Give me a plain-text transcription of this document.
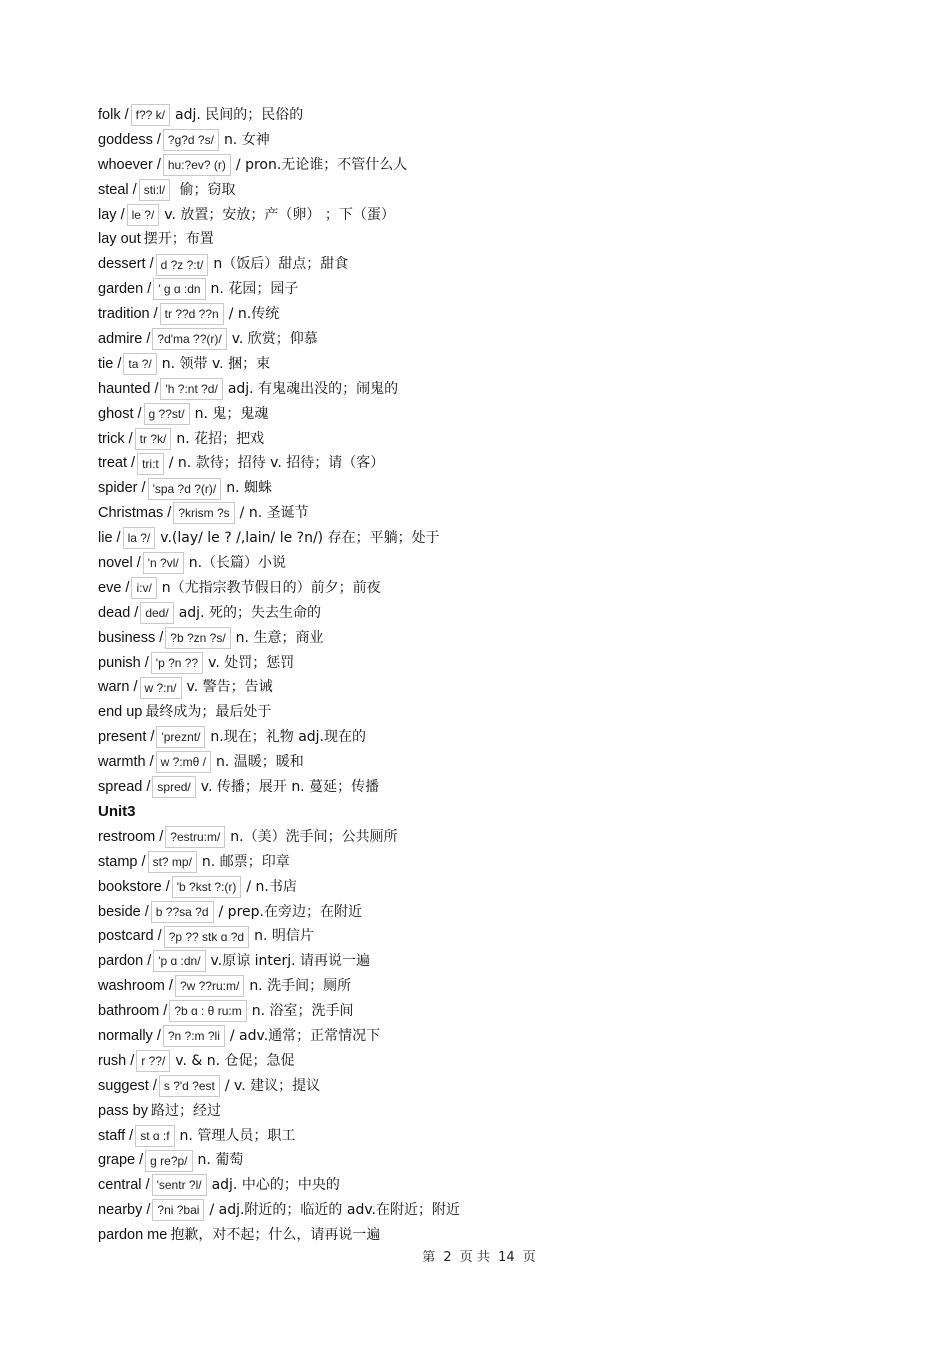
folk / f?? k/ adj. 民间的；民俗的
goddess / ?g?d ?s/ n. 女神
whoever / hu:?ev? (r) / pron.无论谁；不管什么人
steal / sti:l/ 偷；窃取
lay / le ?/ v. 放置；安放；产（卵） ；下（蛋）
lay out 摆开；布置
dessert / d ?z ?:t/ n（饭后）甜点；甜食
garden / ' g ɑ :dn n. 花园；园子
tradition / tr ??d ??n / n.传统
admire / ?d'ma ??(r)/ v. 欣赏；仰慕
tie / ta ?/ n. 领带 v. 捆；束
haunted / 'h ?:nt ?d/ adj. 有鬼魂出没的；闹鬼的
ghost / g ??st/ n. 鬼；鬼魂
trick / tr ?k/ n. 花招；把戏
treat / tri:t / n. 款待；招待 v. 招待；请（客）
spider / 'spa ?d ?(r)/ n. 蜘蛛
Christmas / ?krism ?s / n. 圣诞节
lie / la ?/ v.(lay/ le ? /,lain/ le ?n/) 存在；平躺；处于
novel / 'n ?vl/ n.（长篇）小说
eve / i:v/ n（尤指宗教节假日的）前夕；前夜
dead / ded/ adj. 死的；失去生命的
business / ?b ?zn ?s/ n. 生意；商业
punish / 'p ?n ?? v. 处罚；惩罚
warn / w ?:n/ v. 警告；告诫
end up 最终成为；最后处于
present / 'preznt/ n.现在；礼物 adj.现在的
warmth / w ?:mθ / n. 温暖；暖和
spread / spred/ v. 传播；展开 n. 蔓延；传播
Unit3
restroom / ?estru:m/ n.（美）洗手间；公共厕所
stamp / st? mp/ n. 邮票；印章
bookstore / 'b ?kst ?:(r) / n.书店
beside / b ??sa ?d / prep.在旁边；在附近
postcard / ?p ?? stk ɑ ?d n. 明信片
pardon / 'p ɑ :dn/ v.原谅 interj. 请再说一遍
washroom / ?w ??ru:m/ n. 洗手间；厕所
bathroom / ?b ɑ : θ ru:m n. 浴室；洗手间
normally / ?n ?:m ?li / adv.通常；正常情况下
rush / r ??/ v. & n. 仓促；急促
suggest / s ?'d ?est / v. 建议；提议
pass by 路过；经过
staff / st ɑ :f n. 管理人员；职工
grape / g re?p/ n. 葡萄
central / 'sentr ?l/ adj. 中心的；中央的
nearby / ?ni ?bai / adj.附近的；临近的 adv.在附近；附近
pardon me 抱歉，对不起；什么，请再说一遍
第 2 页 共 14 页
